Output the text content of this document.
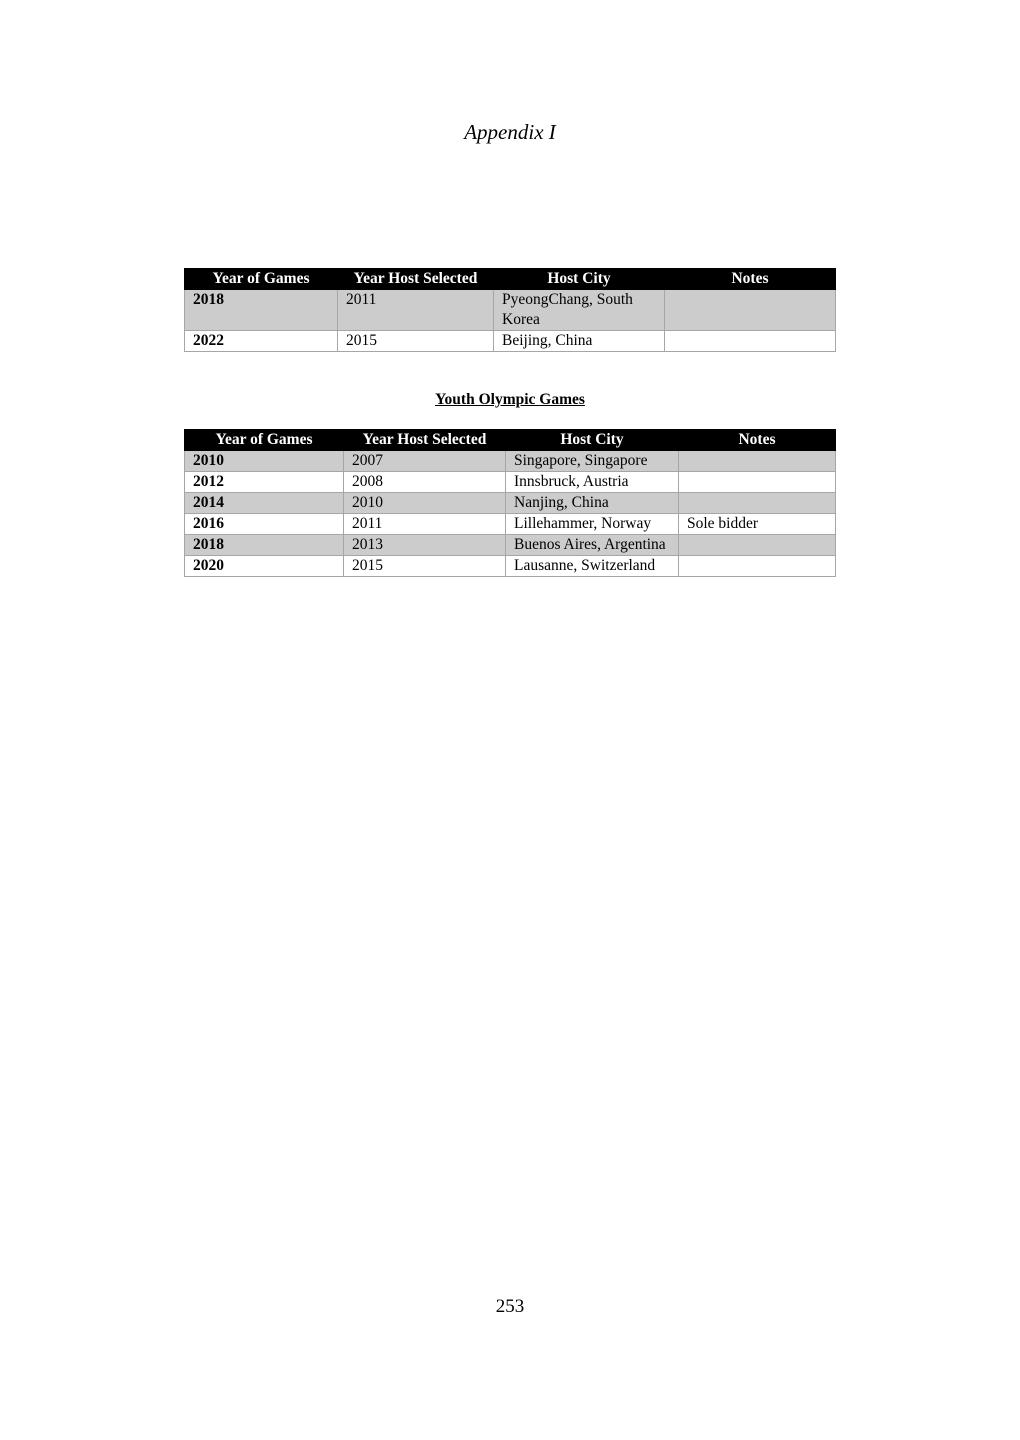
Appendix I
Year of Games	Year Host Selected	Host City	Notes
2018	2011	PyeongChang, South Korea	
2022	2015	Beijing, China	
Youth Olympic Games
Year of Games	Year Host Selected	Host City	Notes
2010	2007	Singapore, Singapore	
2012	2008	Innsbruck, Austria	
2014	2010	Nanjing, China	
2016	2011	Lillehammer, Norway	Sole bidder
2018	2013	Buenos Aires, Argentina	
2020	2015	Lausanne, Switzerland	
253
